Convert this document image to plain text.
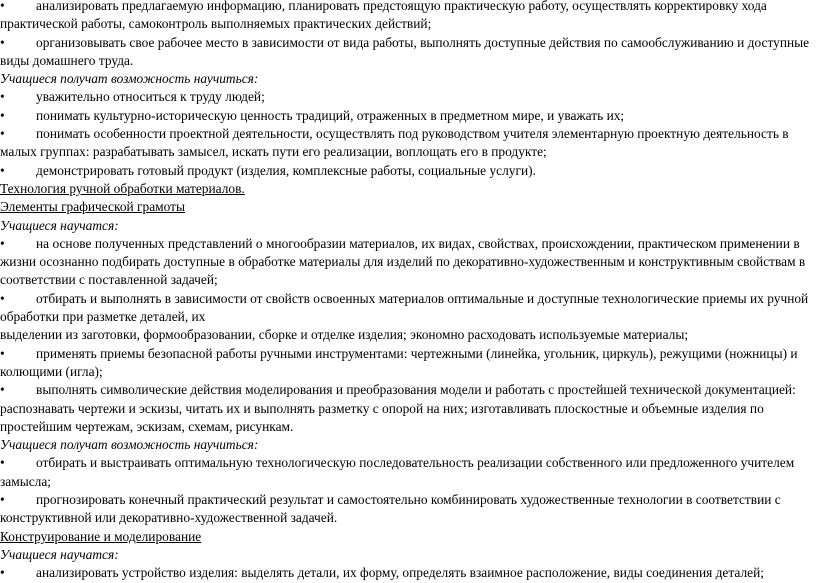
• анализировать предлагаемую информацию, планировать предстоящую практическую работу, осуществлять корректировку хода практической работы, самоконтроль выполняемых практических действий;

• организовывать свое рабочее место в зависимости от вида работы, выполнять доступные действия по самообслуживанию и доступные виды домашнего труда.

Учащиеся получат возможность научиться:

• уважительно относиться к труду людей;

• понимать культурно-историческую ценность традиций, отраженных в предметном мире, и уважать их;

• понимать особенности проектной деятельности, осуществлять под руководством учителя элементарную проектную деятельность в малых группах: разрабатывать замысел, искать пути его реализации, воплощать его в продукте;

• демонстрировать готовый продукт (изделия, комплексные работы, социальные услуги).

Технология ручной обработки материалов.

Элементы графической грамоты

Учащиеся научатся:

• на основе полученных представлений о многообразии материалов, их видах, свойствах, происхождении, практическом применении в жизни осознанно подбирать доступные в обработке материалы для изделий по декоративно-художественным и конструктивным свойствам в соответствии с поставленной задачей;

• отбирать и выполнять в зависимости от свойств освоенных материалов оптимальные и доступные технологические приемы их ручной обработки при разметке деталей, их

выделении из заготовки, формообразовании, сборке и отделке изделия; экономно расходовать используемые материалы;

• применять приемы безопасной работы ручными инструментами: чертежными (линейка, угольник, циркуль), режущими (ножницы) и колющими (игла);

• выполнять символические действия моделирования и преобразования модели и работать с простейшей технической документацией: распознавать чертежи и эскизы, читать их и выполнять разметку с опорой на них; изготавливать плоскостные и объемные изделия по простейшим чертежам, эскизам, схемам, рисункам.

Учащиеся получат возможность научиться:

• отбирать и выстраивать оптимальную технологическую последовательность реализации собственного или предложенного учителем замысла;

• прогнозировать конечный практический результат и самостоятельно комбинировать художественные технологии в соответствии с конструктивной или декоративно-художественной задачей.

Конструирование и моделирование

Учащиеся научатся:

• анализировать устройство изделия: выделять детали, их форму, определять взаимное расположение, виды соединения деталей;
